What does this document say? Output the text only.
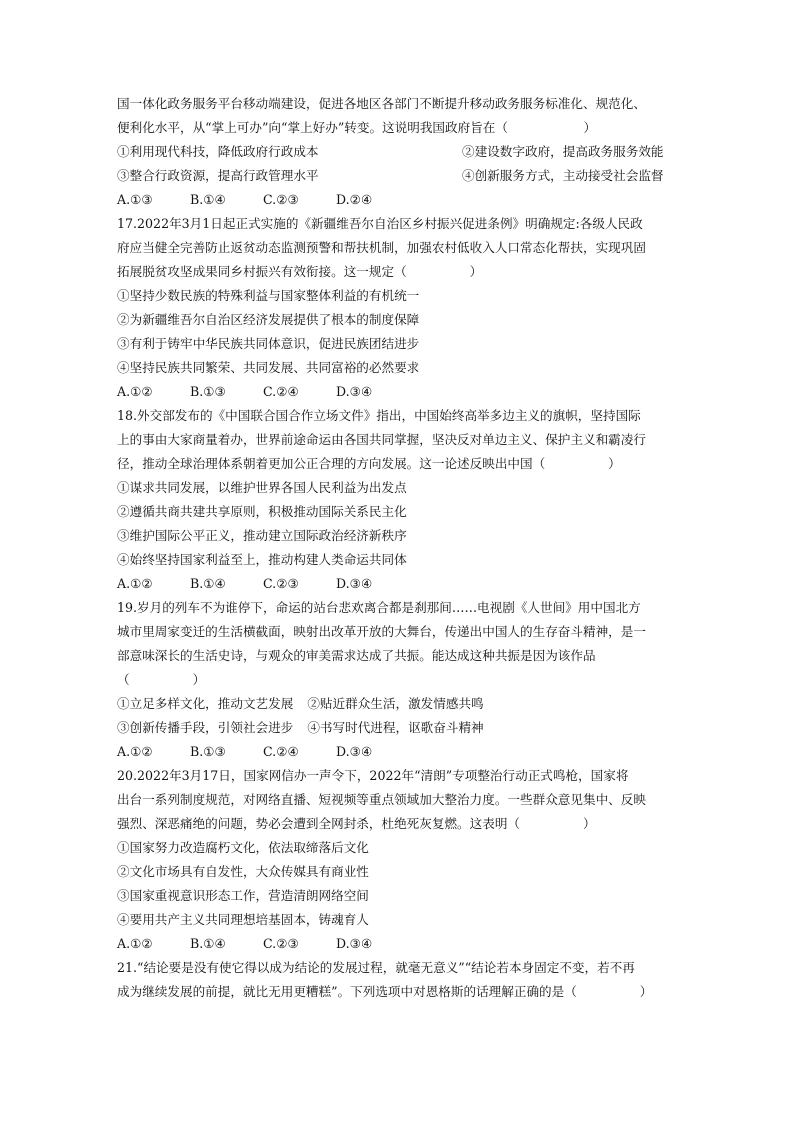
国一体化政务服务平台移动端建设，促进各地区各部门不断提升移动政务服务标准化、规范化、
便利化水平，从“掌上可办”向“掌上好办”转变。这说明我国政府旨在（　　　　　　）
①利用现代科技，降低政府行政成本	②建设数字政府，提高政务服务效能
③整合行政资源，提高行政管理水平	④创新服务方式，主动接受社会监督
A.①③	B.①④	C.②③	D.②④
17.2022年3月1日起正式实施的《新疆维吾尔自治区乡村振兴促进条例》明确规定:各级人民政
府应当健全完善防止返贫动态监测预警和帮扶机制，加强农村低收入人口常态化帮扶，实现巩固
拓展脱贫攻坚成果同乡村振兴有效衔接。这一规定（　　　　　）
①坚持少数民族的特殊利益与国家整体利益的有机统一
②为新疆维吾尔自治区经济发展提供了根本的制度保障
③有利于铸牢中华民族共同体意识，促进民族团结进步
④坚持民族共同繁荣、共同发展、共同富裕的必然要求
A.①②	B.①③	C.②④	D.③④
18.外交部发布的《中国联合国合作立场文件》指出，中国始终高举多边主义的旗帜，坚持国际
上的事由大家商量着办，世界前途命运由各国共同掌握，坚决反对单边主义、保护主义和霸凌行
径，推动全球治理体系朝着更加公正合理的方向发展。这一论述反映出中国（　　　　　）
①谋求共同发展，以维护世界各国人民利益为出发点
②遵循共商共建共享原则，积极推动国际关系民主化
③维护国际公平正义，推动建立国际政治经济新秩序
④始终坚持国家利益至上，推动构建人类命运共同体
A.①②	B.①④	C.②③	D.③④
19.岁月的列车不为谁停下，命运的站台悲欢离合都是刹那间……电视剧《人世间》用中国北方
城市里周家变迁的生活横截面，映射出改革开放的大舞台，传递出中国人的生存奋斗精神，是一
部意味深长的生活史诗，与观众的审美需求达成了共振。能达成这种共振是因为该作品
（　　　　　）
①立足多样文化，推动文艺发展 ②贴近群众生活，激发情感共鸣
③创新传播手段，引领社会进步 ④书写时代进程，讴歌奋斗精神
A.①②	B.①③	C.②④	D.③④
20.2022年3月17日，国家网信办一声令下，2022年“清朗”专项整治行动正式鸣枪，国家将
出台一系列制度规范，对网络直播、短视频等重点领域加大整治力度。一些群众意见集中、反映
强烈、深恶痛绝的问题，势必会遭到全网封杀，杜绝死灰复燃。这表明（　　　　　）
①国家努力改造腐朽文化，依法取缔落后文化
②文化市场具有自发性，大众传媒具有商业性
③国家重视意识形态工作，营造清朗网络空间
④要用共产主义共同理想培基固本，铸魂育人
A.①②	B.①④	C.②③	D.③④
21.“结论要是没有使它得以成为结论的发展过程，就毫无意义”“结论若本身固定不变，若不再
成为继续发展的前提，就比无用更糟糕”。下列选项中对恩格斯的话理解正确的是（　　　　　）
